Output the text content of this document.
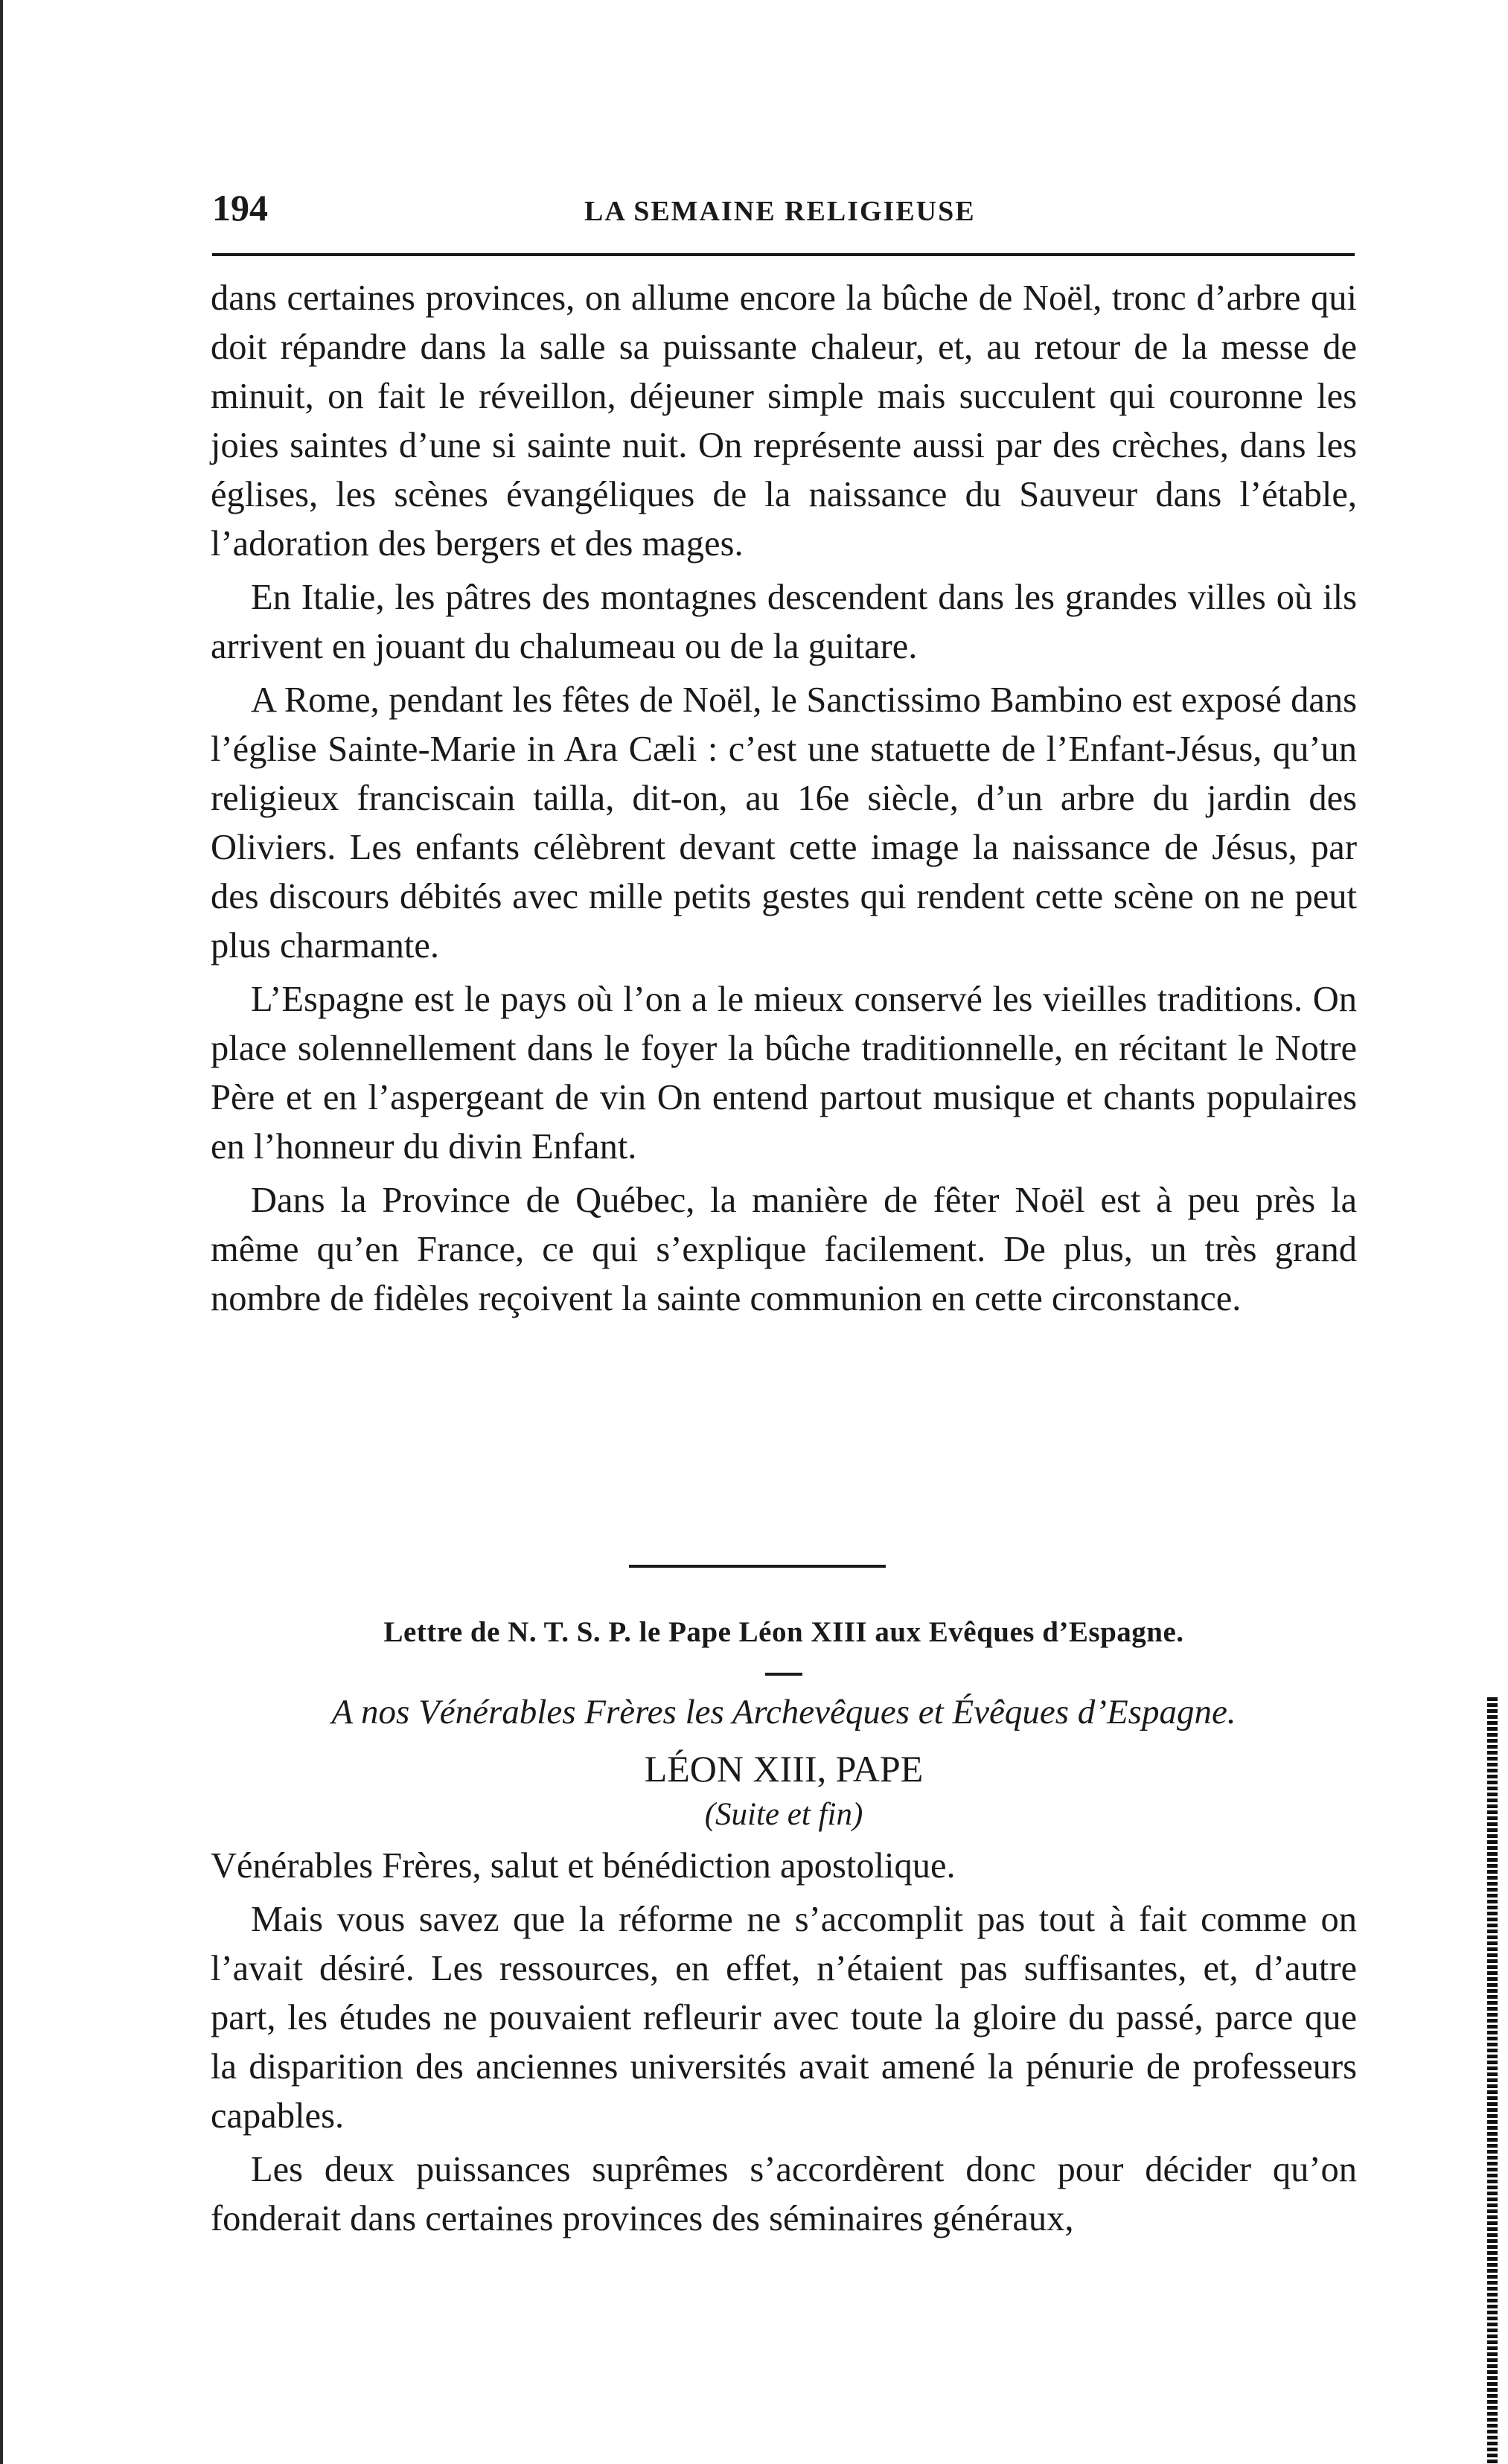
194	LA SEMAINE RELIGIEUSE

dans certaines provinces, on allume encore la bûche de Noël, tronc d’arbre qui doit répandre dans la salle sa puissante chaleur, et, au retour de la messe de minuit, on fait le réveillon, déjeuner simple mais succulent qui couronne les joies saintes d’une si sainte nuit. On représente aussi par des crèches, dans les églises, les scènes évangéliques de la naissance du Sauveur dans l’étable, l’adoration des bergers et des mages.

En Italie, les pâtres des montagnes descendent dans les grandes villes où ils arrivent en jouant du chalumeau ou de la guitare.

A Rome, pendant les fêtes de Noël, le Sanctissimo Bambino est exposé dans l’église Sainte-Marie in Ara Cæli : c’est une statuette de l’Enfant-Jésus, qu’un religieux franciscain tailla, dit-on, au 16e siècle, d’un arbre du jardin des Oliviers. Les enfants célèbrent devant cette image la naissance de Jésus, par des discours débités avec mille petits gestes qui rendent cette scène on ne peut plus charmante.

L’Espagne est le pays où l’on a le mieux conservé les vieilles traditions. On place solennellement dans le foyer la bûche traditionnelle, en récitant le Notre Père et en l’aspergeant de vin On entend partout musique et chants populaires en l’honneur du divin Enfant.

Dans la Province de Québec, la manière de fêter Noël est à peu près la même qu’en France, ce qui s’explique facilement. De plus, un très grand nombre de fidèles reçoivent la sainte communion en cette circonstance.

Lettre de N. T. S. P. le Pape Léon XIII aux Evêques d’Espagne.

A nos Vénérables Frères les Archevêques et Évêques d’Espagne.

LÉON XIII, PAPE

(Suite et fin)

Vénérables Frères, salut et bénédiction apostolique.

Mais vous savez que la réforme ne s’accomplit pas tout à fait comme on l’avait désiré. Les ressources, en effet, n’étaient pas suffisantes, et, d’autre part, les études ne pouvaient refleurir avec toute la gloire du passé, parce que la disparition des anciennes universités avait amené la pénurie de professeurs capables.

Les deux puissances suprêmes s’accordèrent donc pour décider qu’on fonderait dans certaines provinces des séminaires généraux,
